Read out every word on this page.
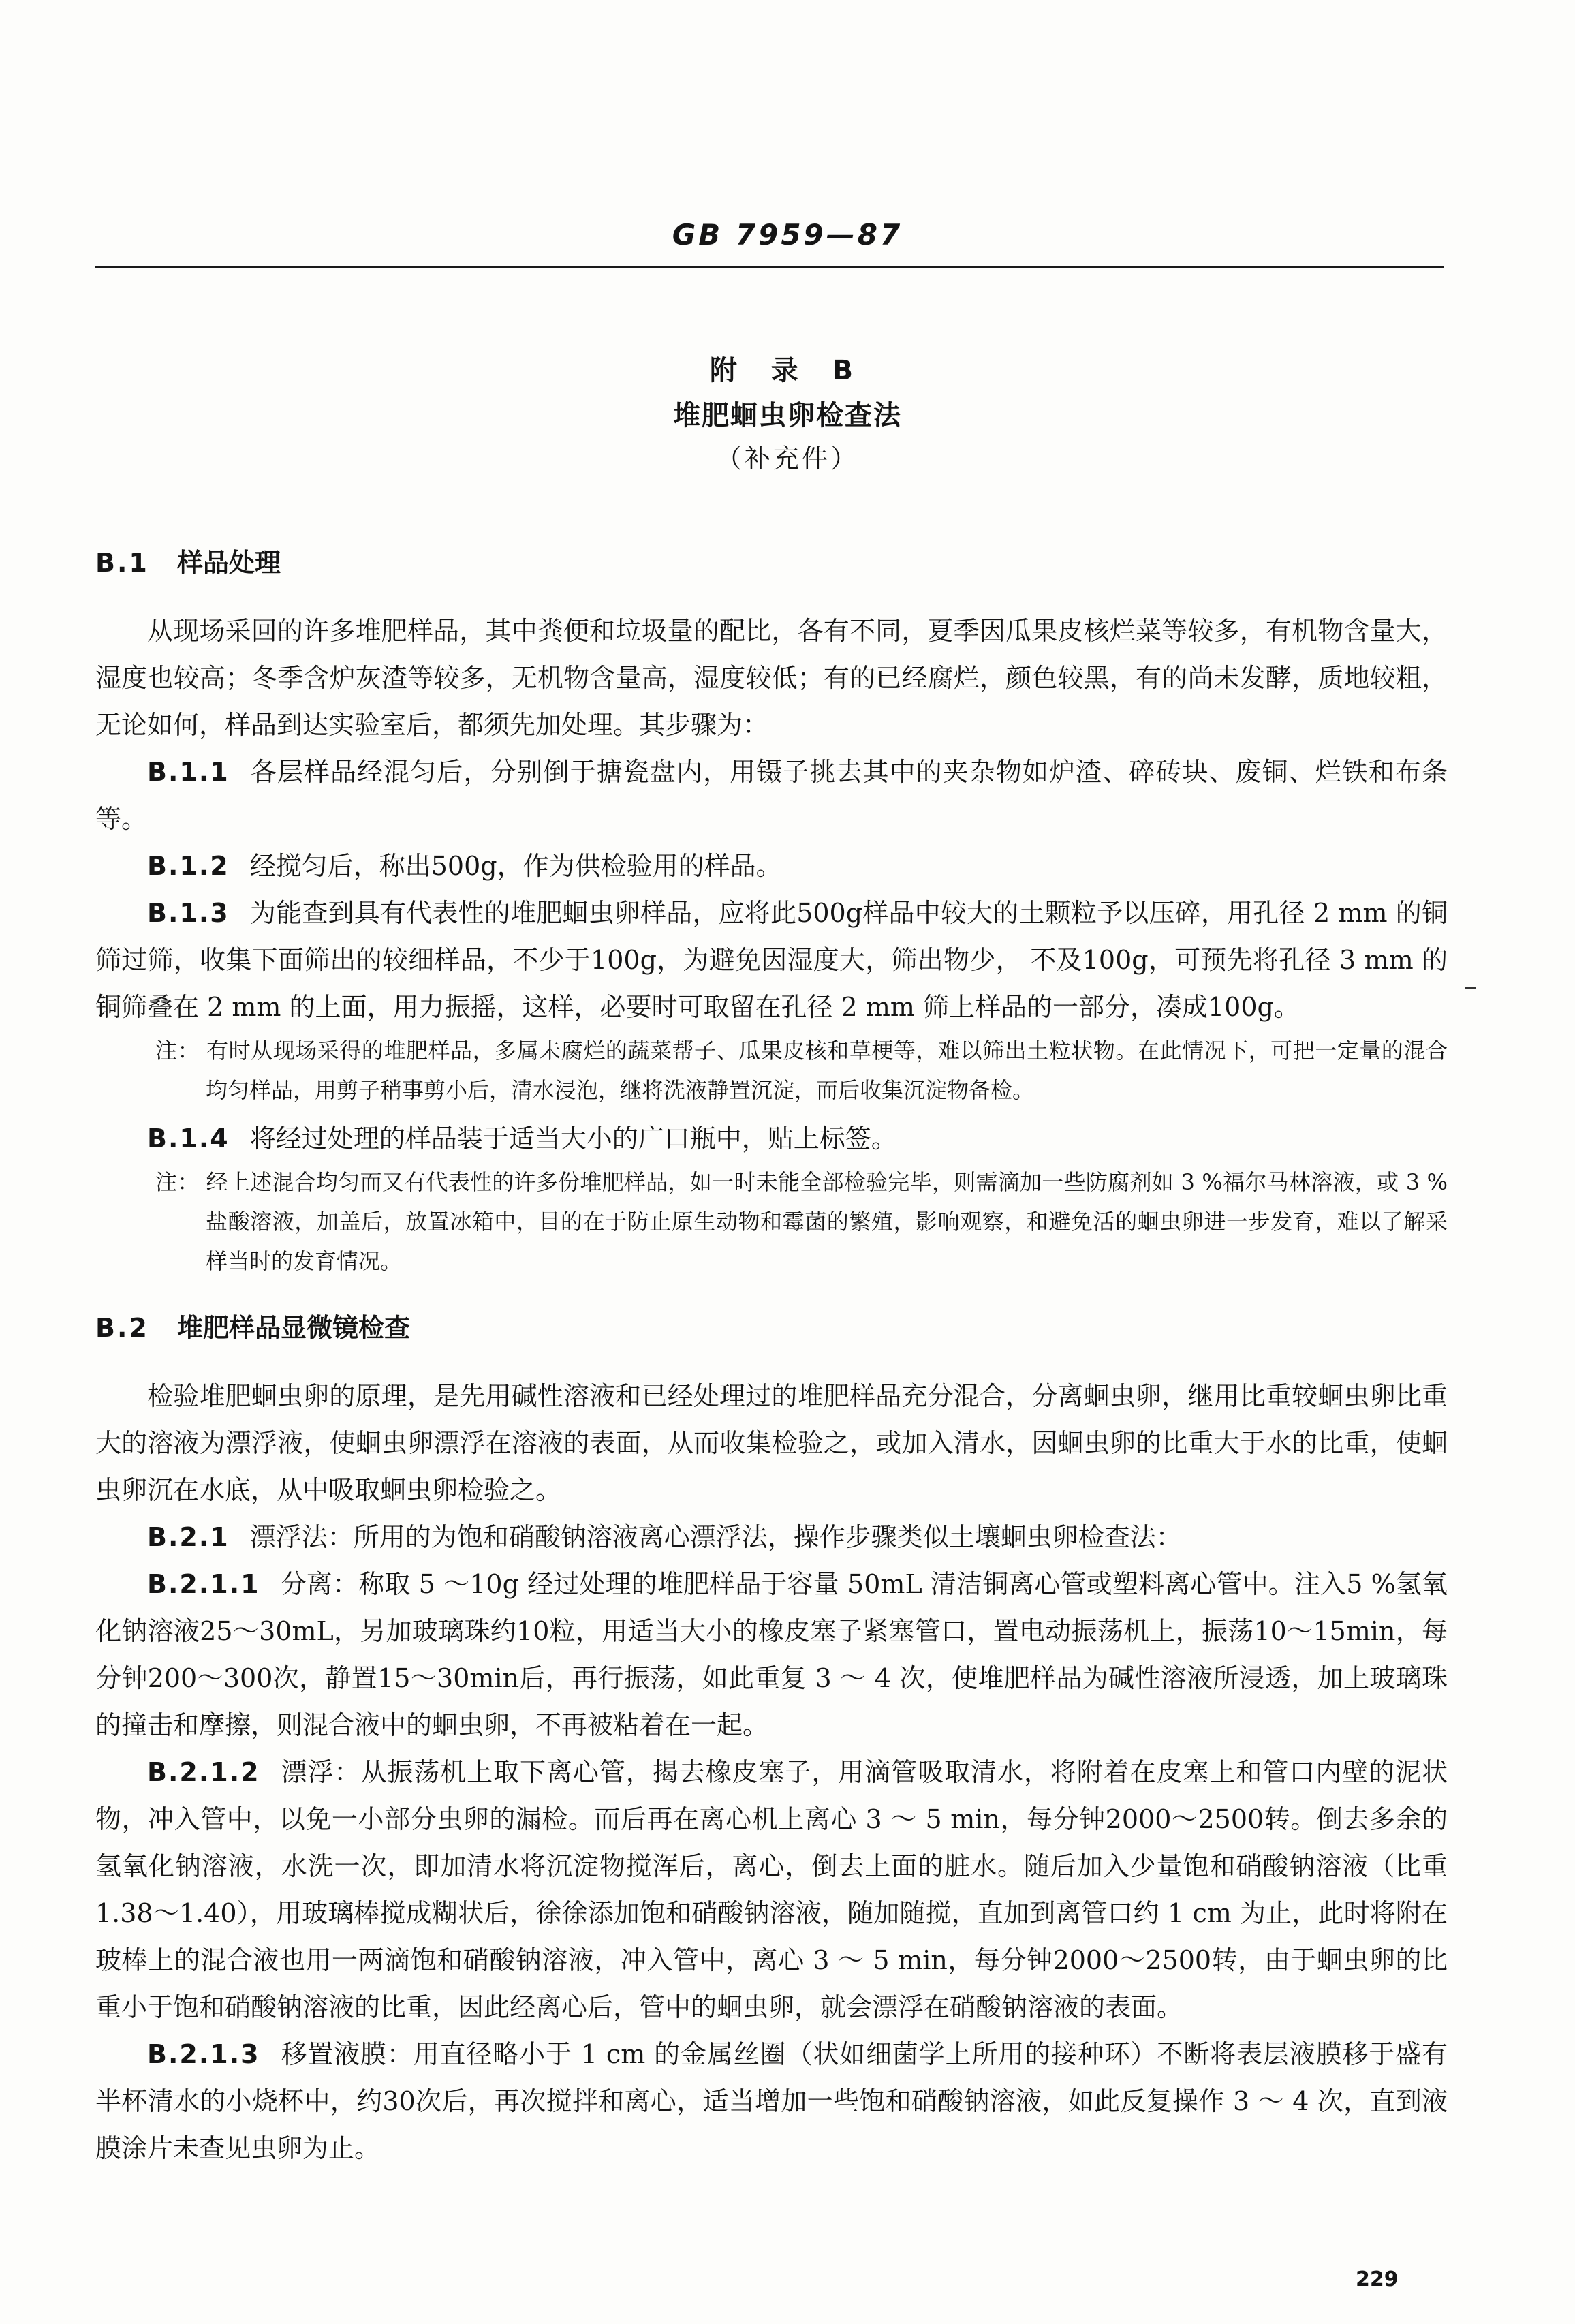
GB 7959—87
附 录 B
堆肥蛔虫卵检查法
（补充件）
B.1 样品处理

从现场采回的许多堆肥样品，其中粪便和垃圾量的配比，各有不同，夏季因瓜果皮核烂菜等较多，有机物含量大，湿度也较高；冬季含炉灰渣等较多，无机物含量高，湿度较低；有的已经腐烂，颜色较黑，有的尚未发酵，质地较粗，无论如何，样品到达实验室后，都须先加处理。其步骤为：

B.1.1 各层样品经混匀后，分别倒于搪瓷盘内，用镊子挑去其中的夹杂物如炉渣、碎砖块、废铜、烂铁和布条等。

B.1.2 经搅匀后，称出500g，作为供检验用的样品。

B.1.3 为能查到具有代表性的堆肥蛔虫卵样品，应将此500g样品中较大的土颗粒予以压碎，用孔径 2 mm 的铜筛过筛，收集下面筛出的较细样品，不少于100g，为避免因湿度大，筛出物少， 不及100g，可预先将孔径 3 mm 的铜筛叠在 2 mm 的上面，用力振摇，这样，必要时可取留在孔径 2 mm 筛上样品的一部分，凑成100g。

注： 有时从现场采得的堆肥样品，多属未腐烂的蔬菜帮子、瓜果皮核和草梗等，难以筛出土粒状物。在此情况下，可把一定量的混合均匀样品，用剪子稍事剪小后，清水浸泡，继将洗液静置沉淀，而后收集沉淀物备检。

B.1.4 将经过处理的样品装于适当大小的广口瓶中，贴上标签。

注： 经上述混合均匀而又有代表性的许多份堆肥样品，如一时未能全部检验完毕，则需滴加一些防腐剂如 3 %福尔马林溶液，或 3 %盐酸溶液，加盖后，放置冰箱中，目的在于防止原生动物和霉菌的繁殖，影响观察，和避免活的蛔虫卵进一步发育，难以了解采样当时的发育情况。

B.2 堆肥样品显微镜检查

检验堆肥蛔虫卵的原理，是先用碱性溶液和已经处理过的堆肥样品充分混合，分离蛔虫卵，继用比重较蛔虫卵比重大的溶液为漂浮液，使蛔虫卵漂浮在溶液的表面，从而收集检验之，或加入清水，因蛔虫卵的比重大于水的比重，使蛔虫卵沉在水底，从中吸取蛔虫卵检验之。

B.2.1 漂浮法：所用的为饱和硝酸钠溶液离心漂浮法，操作步骤类似土壤蛔虫卵检查法：

B.2.1.1 分离：称取 5 ～10g 经过处理的堆肥样品于容量 50mL 清洁铜离心管或塑料离心管中。注入5 %氢氧化钠溶液25～30mL，另加玻璃珠约10粒，用适当大小的橡皮塞子紧塞管口，置电动振荡机上，振荡10～15min，每分钟200～300次，静置15～30min后，再行振荡，如此重复 3 ～ 4 次，使堆肥样品为碱性溶液所浸透，加上玻璃珠的撞击和摩擦，则混合液中的蛔虫卵，不再被粘着在一起。

B.2.1.2 漂浮：从振荡机上取下离心管，揭去橡皮塞子，用滴管吸取清水，将附着在皮塞上和管口内壁的泥状物，冲入管中，以免一小部分虫卵的漏检。而后再在离心机上离心 3 ～ 5 min，每分钟2000～2500转。倒去多余的氢氧化钠溶液，水洗一次，即加清水将沉淀物搅浑后，离心，倒去上面的脏水。随后加入少量饱和硝酸钠溶液（比重1.38～1.40），用玻璃棒搅成糊状后，徐徐添加饱和硝酸钠溶液，随加随搅，直加到离管口约 1 cm 为止，此时将附在玻棒上的混合液也用一两滴饱和硝酸钠溶液，冲入管中，离心 3 ～ 5 min，每分钟2000～2500转，由于蛔虫卵的比重小于饱和硝酸钠溶液的比重，因此经离心后，管中的蛔虫卵，就会漂浮在硝酸钠溶液的表面。

B.2.1.3 移置液膜：用直径略小于 1 cm 的金属丝圈（状如细菌学上所用的接种环）不断将表层液膜移于盛有半杯清水的小烧杯中，约30次后，再次搅拌和离心，适当增加一些饱和硝酸钠溶液，如此反复操作 3 ～ 4 次，直到液膜涂片未查见虫卵为止。

229
